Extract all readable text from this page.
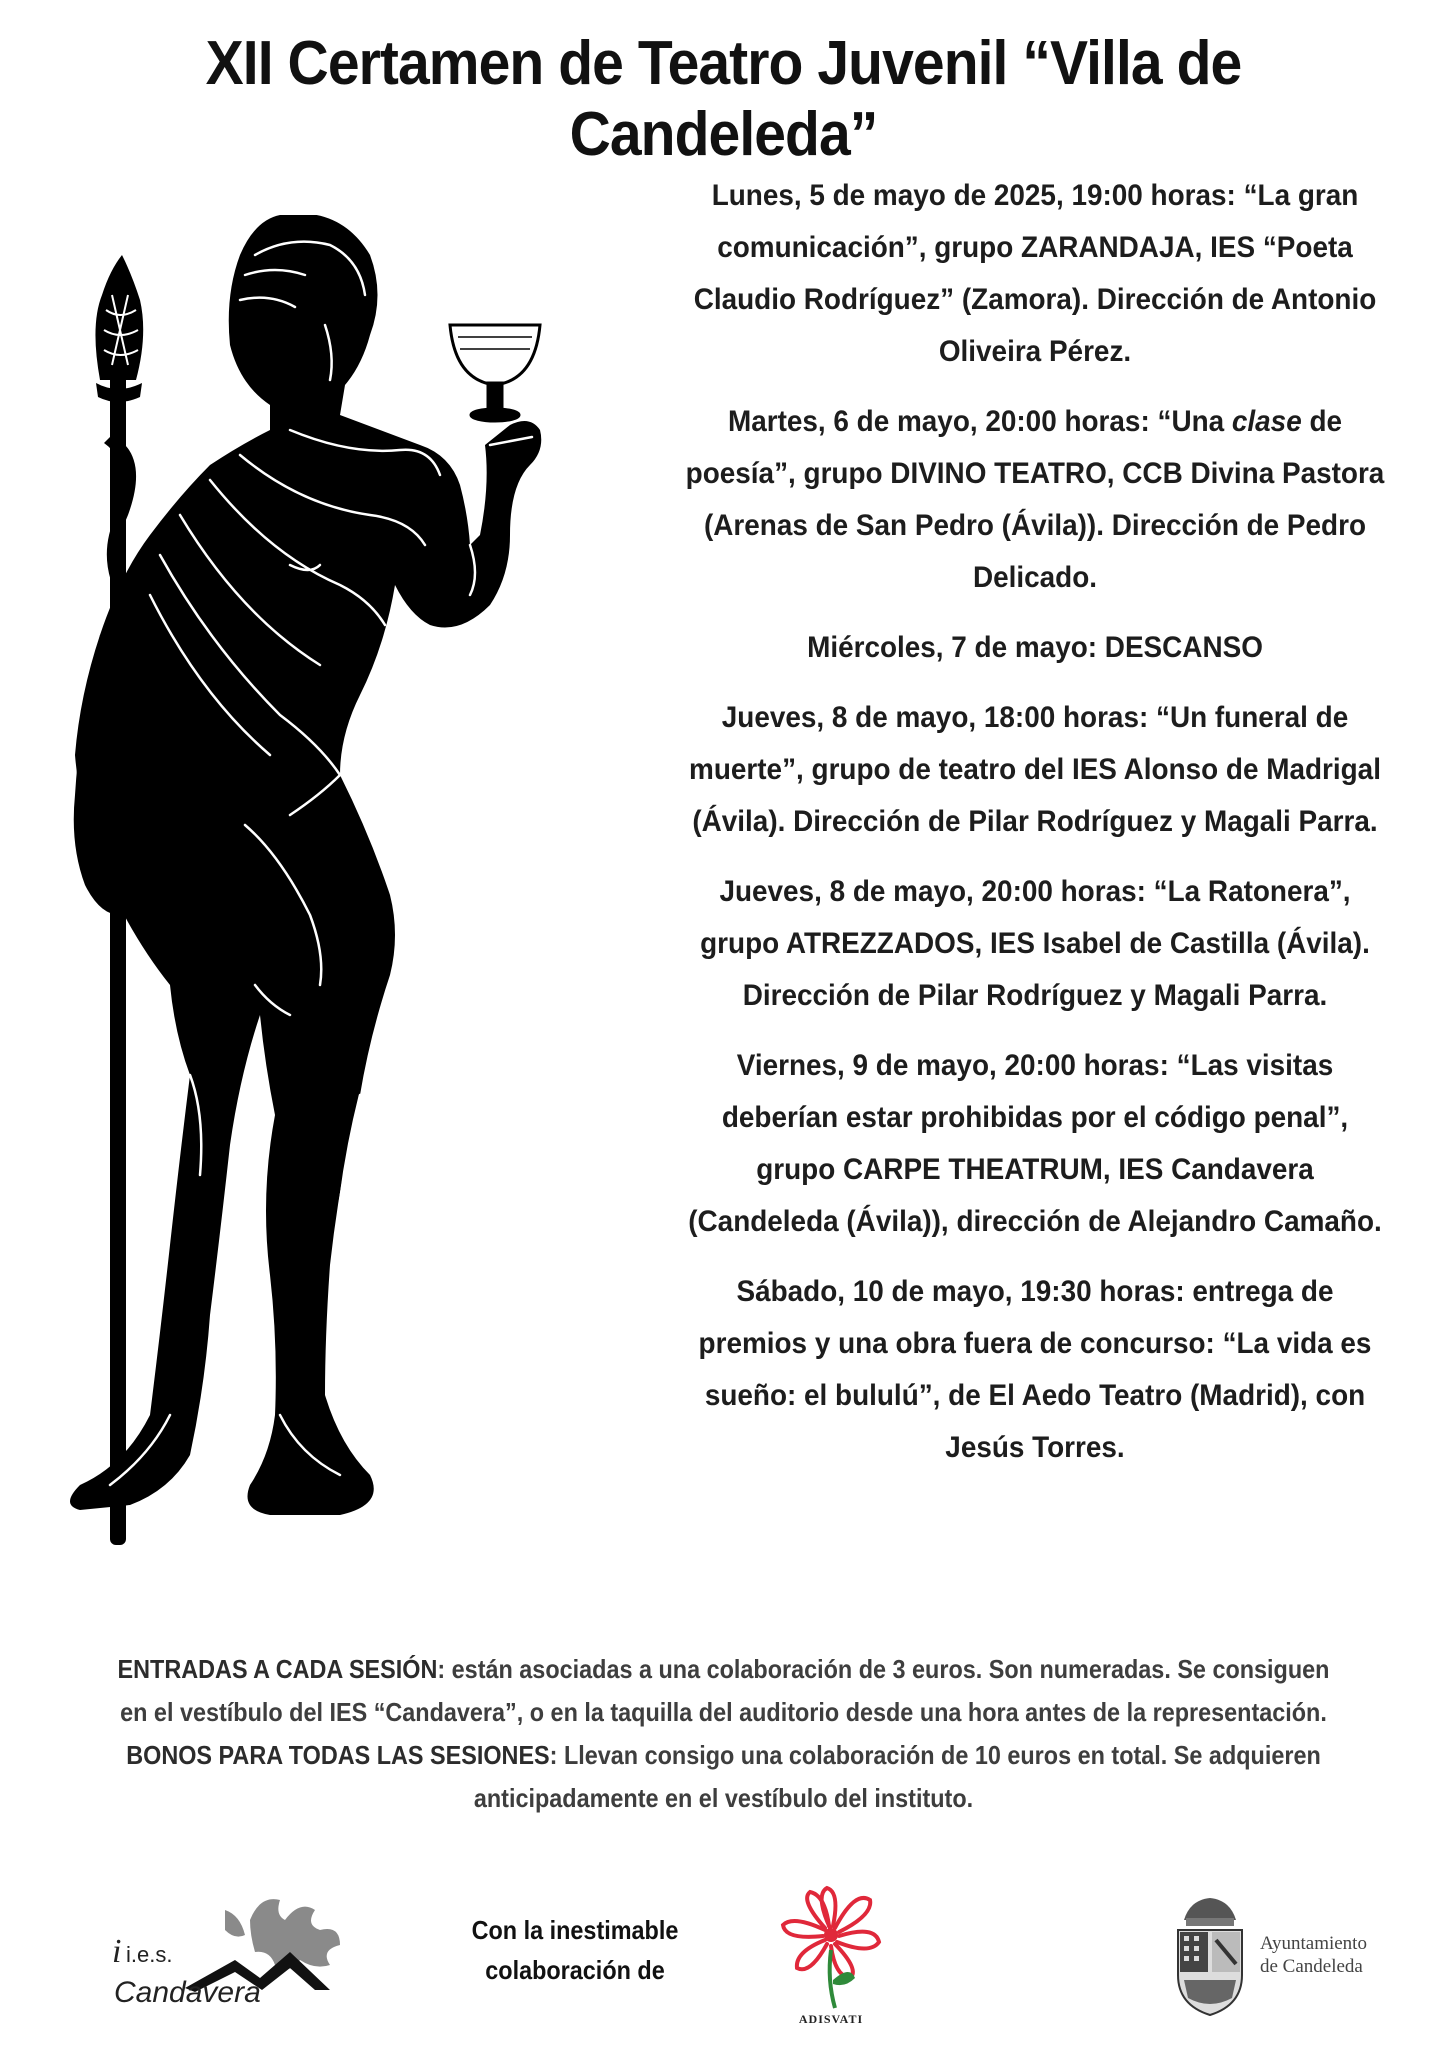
XII Certamen de Teatro Juvenil “Villa de Candeleda”

Lunes, 5 de mayo de 2025, 19:00 horas: “La gran comunicación”, grupo ZARANDAJA, IES “Poeta Claudio Rodríguez” (Zamora). Dirección de Antonio Oliveira Pérez.

Martes, 6 de mayo, 20:00 horas: “Una clase de poesía”, grupo DIVINO TEATRO, CCB Divina Pastora (Arenas de San Pedro (Ávila)). Dirección de Pedro Delicado.

Miércoles, 7 de mayo: DESCANSO

Jueves, 8 de mayo, 18:00 horas: “Un funeral de muerte”, grupo de teatro del IES Alonso de Madrigal (Ávila). Dirección de Pilar Rodríguez y Magali Parra.

Jueves, 8 de mayo, 20:00 horas: “La Ratonera”, grupo ATREZZADOS, IES Isabel de Castilla (Ávila). Dirección de Pilar Rodríguez y Magali Parra.

Viernes, 9 de mayo, 20:00 horas: “Las visitas deberían estar prohibidas por el código penal”, grupo CARPE THEATRUM, IES Candavera (Candeleda (Ávila)), dirección de Alejandro Camaño.

Sábado, 10 de mayo, 19:30 horas: entrega de premios y una obra fuera de concurso: “La vida es sueño: el bululú”, de El Aedo Teatro (Madrid), con Jesús Torres.

ENTRADAS A CADA SESIÓN: están asociadas a una colaboración de 3 euros. Son numeradas. Se consiguen

en el vestíbulo del IES “Candavera”, o en la taquilla del auditorio desde una hora antes de la representación.

BONOS PARA TODAS LAS SESIONES: Llevan consigo una colaboración de 10 euros en total. Se adquieren

anticipadamente en el vestíbulo del instituto.

i i.e.s.
Candavera
Con la inestimable
colaboración de
ADISVATI
Ayuntamiento
de Candeleda
